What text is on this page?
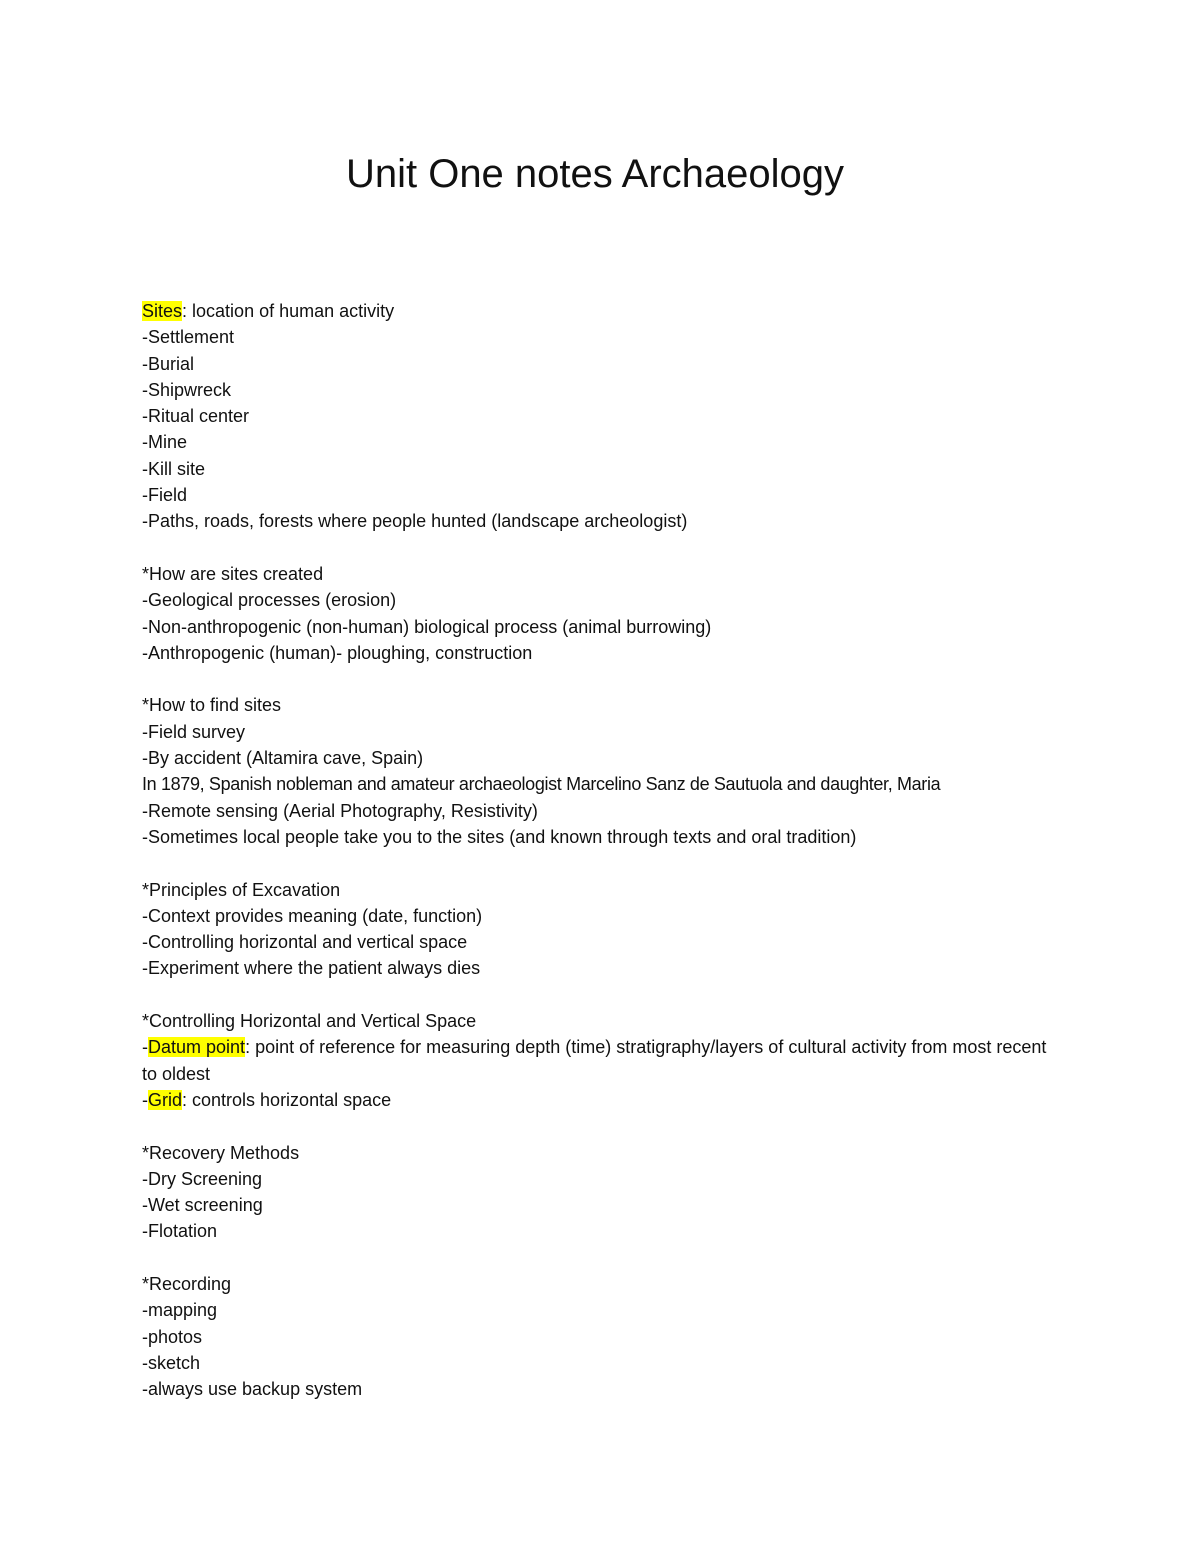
Unit One notes Archaeology
Sites: location of human activity
-Settlement
-Burial
-Shipwreck
-Ritual center
-Mine
-Kill site
-Field
-Paths, roads, forests where people hunted (landscape archeologist)
*How are sites created
-Geological processes (erosion)
-Non-anthropogenic (non-human) biological process (animal burrowing)
-Anthropogenic (human)- ploughing, construction
*How to find sites
-Field survey
-By accident (Altamira cave, Spain)
In 1879, Spanish nobleman and amateur archaeologist Marcelino Sanz de Sautuola and daughter, Maria
-Remote sensing (Aerial Photography, Resistivity)
-Sometimes local people take you to the sites (and known through texts and oral tradition)
*Principles of Excavation
-Context provides meaning (date, function)
-Controlling horizontal and vertical space
-Experiment where the patient always dies
*Controlling Horizontal and Vertical Space
-Datum point: point of reference for measuring depth (time) stratigraphy/layers of cultural activity from most recent to oldest
-Grid: controls horizontal space
*Recovery Methods
-Dry Screening
-Wet screening
-Flotation
*Recording
-mapping
-photos
-sketch
-always use backup system
